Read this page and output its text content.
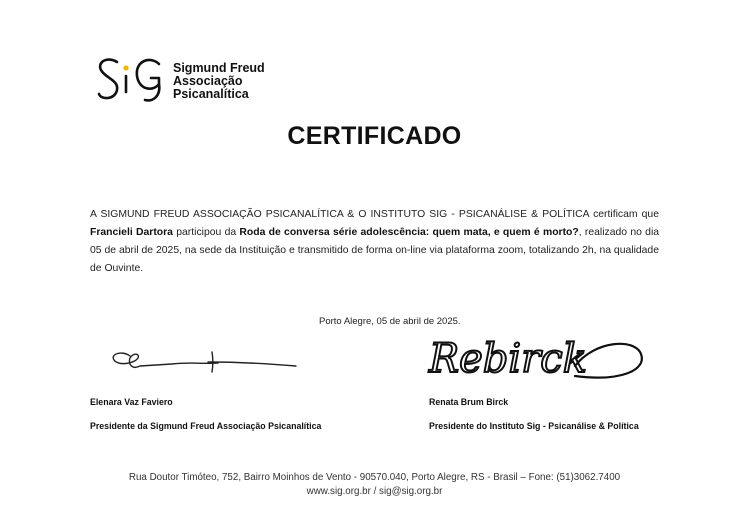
Sigmund Freud
Associação
Psicanalítica
CERTIFICADO
A SIGMUND FREUD ASSOCIAÇÃO PSICANALÍTICA & O INSTITUTO SIG - PSICANÁLISE & POLÍTICA certificam que Francieli Dartora participou da Roda de conversa série adolescência: quem mata, e quem é morto?, realizado no dia 05 de abril de 2025, na sede da Instituição e transmitido de forma on-line via plataforma zoom, totalizando 2h, na qualidade de Ouvinte.
Porto Alegre, 05 de abril de 2025.
Elenara Vaz Faviero
Presidente da Sigmund Freud Associação Psicanalítica
Rebirck
Renata Brum Birck
Presidente do Instituto Sig - Psicanálise & Política
Rua Doutor Timóteo, 752, Bairro Moinhos de Vento - 90570.040, Porto Alegre, RS - Brasil – Fone: (51)3062.7400
www.sig.org.br / sig@sig.org.br
